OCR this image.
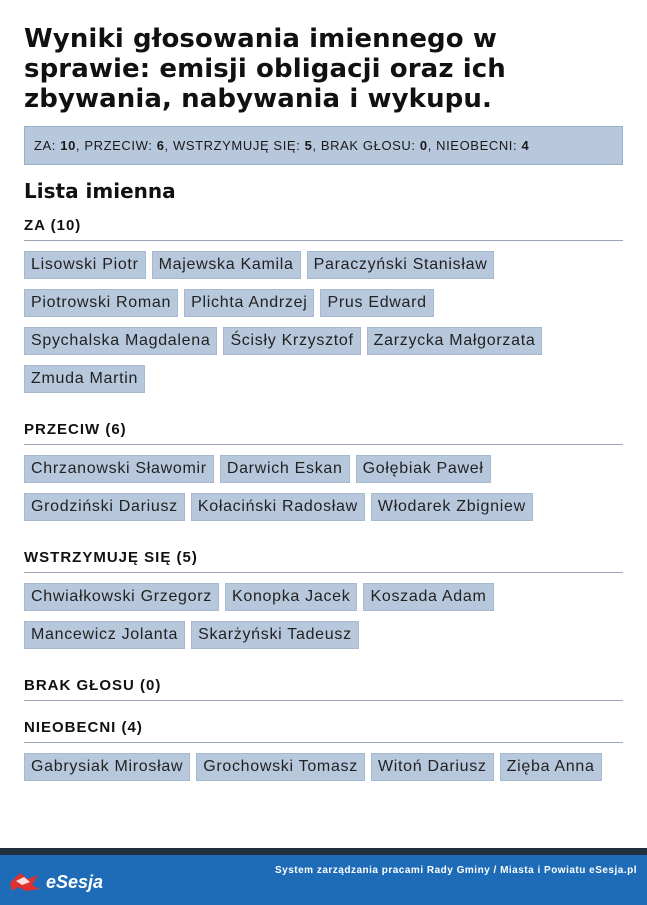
Wyniki głosowania imiennego w sprawie: emisji obligacji oraz ich zbywania, nabywania i wykupu.
ZA: 10, PRZECIW: 6, WSTRZYMUJĘ SIĘ: 5, BRAK GŁOSU: 0, NIEOBECNI: 4
Lista imienna
ZA (10)
Lisowski Piotr	Majewska Kamila	Paraczyński Stanisław
Piotrowski Roman	Plichta Andrzej	Prus Edward
Spychalska Magdalena	Ścisły Krzysztof	Zarzycka Małgorzata
Zmuda Martin
PRZECIW (6)
Chrzanowski Sławomir	Darwich Eskan	Gołębiak Paweł
Grodziński Dariusz	Kołaciński Radosław	Włodarek Zbigniew
WSTRZYMUJĘ SIĘ (5)
Chwiałkowski Grzegorz	Konopka Jacek	Koszada Adam
Mancewicz Jolanta	Skarżyński Tadeusz
BRAK GŁOSU (0)
NIEOBECNI (4)
Gabrysiak Mirosław	Grochowski Tomasz	Witoń Dariusz	Zięba Anna
eSesja
System zarządzania pracami Rady Gminy / Miasta i Powiatu eSesja.pl
